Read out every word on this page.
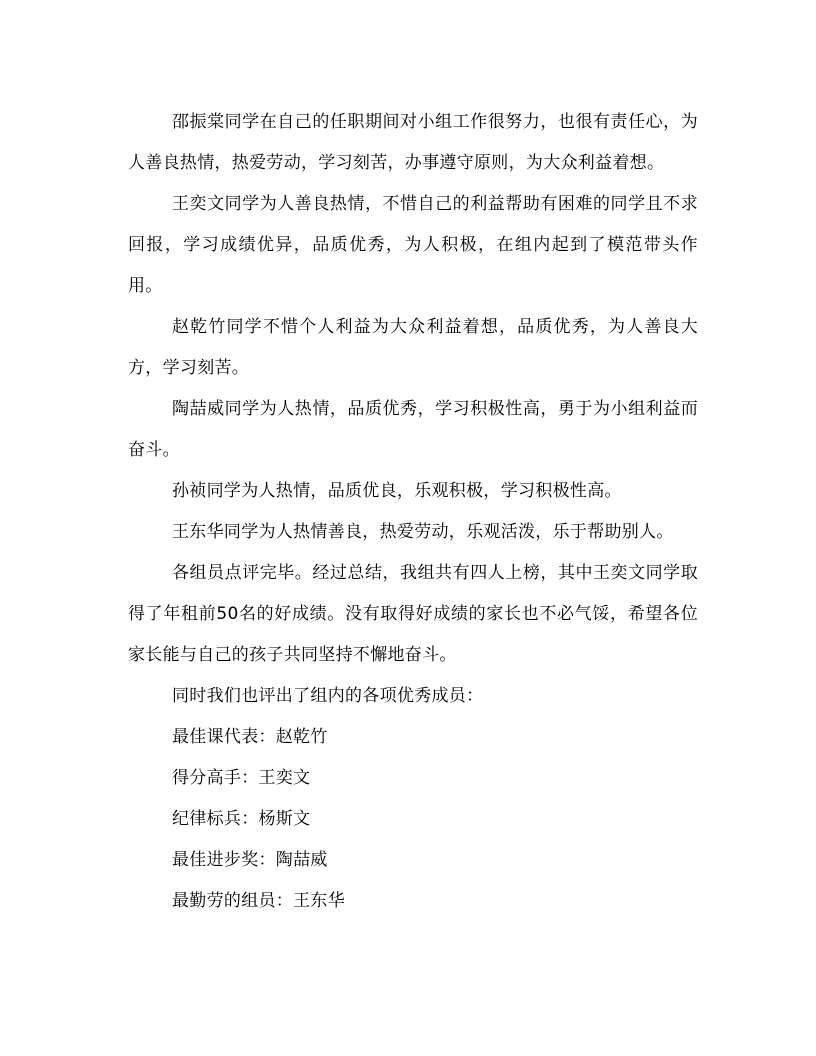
邵振棠同学在自己的任职期间对小组工作很努力，也很有责任心，为人善良热情，热爱劳动，学习刻苦，办事遵守原则，为大众利益着想。

王奕文同学为人善良热情，不惜自己的利益帮助有困难的同学且不求回报，学习成绩优异，品质优秀，为人积极，在组内起到了模范带头作用。

赵乾竹同学不惜个人利益为大众利益着想，品质优秀，为人善良大方，学习刻苦。

陶喆威同学为人热情，品质优秀，学习积极性高，勇于为小组利益而奋斗。

孙祯同学为人热情，品质优良，乐观积极，学习积极性高。

王东华同学为人热情善良，热爱劳动，乐观活泼，乐于帮助别人。

各组员点评完毕。经过总结，我组共有四人上榜，其中王奕文同学取得了年租前50名的好成绩。没有取得好成绩的家长也不必气馁，希望各位家长能与自己的孩子共同坚持不懈地奋斗。

同时我们也评出了组内的各项优秀成员：

最佳课代表：赵乾竹

得分高手：王奕文

纪律标兵：杨斯文

最佳进步奖：陶喆威

最勤劳的组员：王东华
